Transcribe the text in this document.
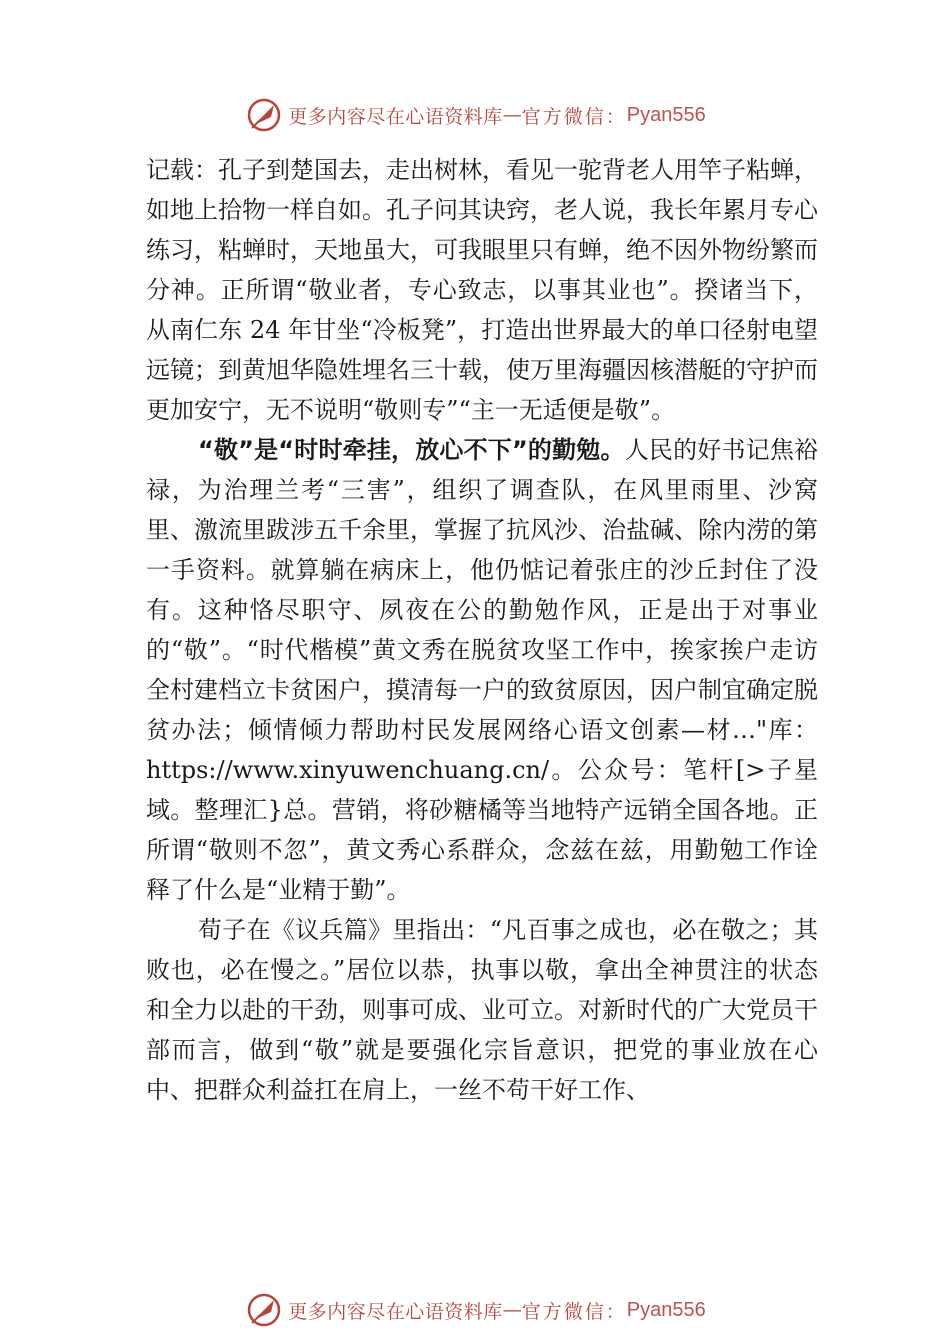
更多内容尽在心语资料库 — 官方微信： Pyan556

记载：孔子到楚国去，走出树林，看见一驼背老人用竿子粘蝉，如地上拾物一样自如。孔子问其诀窍，老人说，我长年累月专心练习，粘蝉时，天地虽大，可我眼里只有蝉，绝不因外物纷繁而分神。正所谓“敬业者，专心致志，以事其业也”。揆诸当下，从南仁东 24 年甘坐“冷板凳”，打造出世界最大的单口径射电望远镜；到黄旭华隐姓埋名三十载，使万里海疆因核潜艇的守护而更加安宁，无不说明“敬则专”“主一无适便是敬”。

“敬”是“时时牵挂，放心不下”的勤勉。人民的好书记焦裕禄，为治理兰考“三害”，组织了调查队，在风里雨里、沙窝里、激流里跋涉五千余里，掌握了抗风沙、治盐碱、除内涝的第一手资料。就算躺在病床上，他仍惦记着张庄的沙丘封住了没有。这种恪尽职守、夙夜在公的勤勉作风，正是出于对事业的“敬”。“时代楷模”黄文秀在脱贫攻坚工作中，挨家挨户走访全村建档立卡贫困户，摸清每一户的致贫原因，因户制宜确定脱贫办法；倾情倾力帮助村民发展网络心语文创素—材…"库：https://www.xinyuwenchuang.cn/。公众号：笔杆[>子星域。整理汇}总。营销，将砂糖橘等当地特产远销全国各地。正所谓“敬则不忽”，黄文秀心系群众，念兹在兹，用勤勉工作诠释了什么是“业精于勤”。

荀子在《议兵篇》里指出：“凡百事之成也，必在敬之；其败也，必在慢之。”居位以恭，执事以敬，拿出全神贯注的状态和全力以赴的干劲，则事可成、业可立。对新时代的广大党员干部而言，做到“敬”就是要强化宗旨意识，把党的事业放在心中、把群众利益扛在肩上，一丝不苟干好工作、

更多内容尽在心语资料库 — 官方微信： Pyan556
